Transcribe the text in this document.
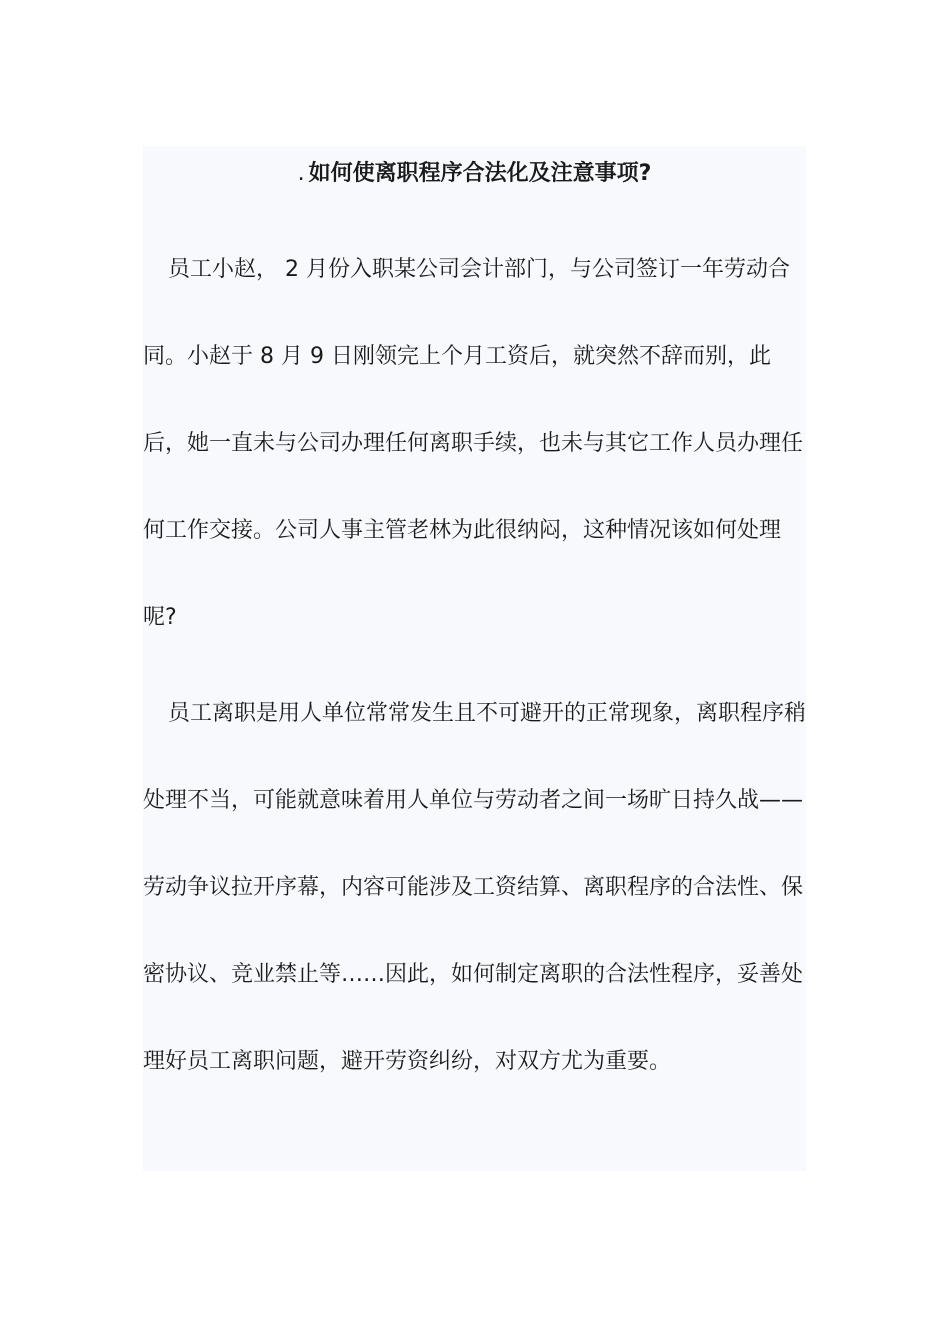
. 如何使离职程序合法化及注意事项?

员工小赵， 2 月份入职某公司会计部门，与公司签订一年劳动合同。小赵于 8 月 9 日刚领完上个月工资后，就突然不辞而别，此后，她一直未与公司办理任何离职手续，也未与其它工作人员办理任何工作交接。公司人事主管老林为此很纳闷，这种情况该如何处理呢?

员工离职是用人单位常常发生且不可避开的正常现象，离职程序稍处理不当，可能就意味着用人单位与劳动者之间一场旷日持久战——劳动争议拉开序幕，内容可能涉及工资结算、离职程序的合法性、保密协议、竞业禁止等……因此，如何制定离职的合法性程序，妥善处理好员工离职问题，避开劳资纠纷，对双方尤为重要。
